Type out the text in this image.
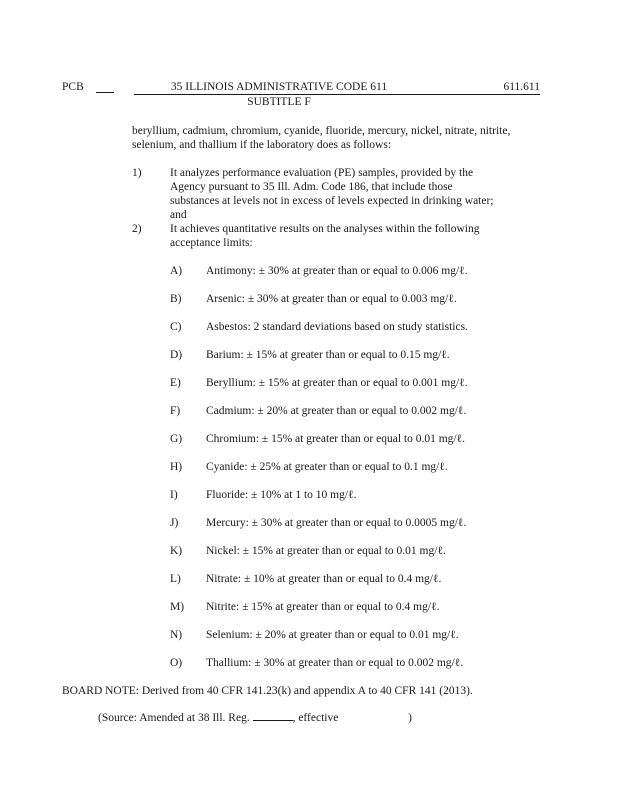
PCB	35 ILLINOIS ADMINISTRATIVE CODE 611
SUBTITLE F
611.611
beryllium, cadmium, chromium, cyanide, fluoride, mercury, nickel, nitrate, nitrite, selenium, and thallium if the laboratory does as follows:
1) It analyzes performance evaluation (PE) samples, provided by the Agency pursuant to 35 Ill. Adm. Code 186, that include those substances at levels not in excess of levels expected in drinking water; and
2) It achieves quantitative results on the analyses within the following acceptance limits:
A) Antimony: ± 30% at greater than or equal to 0.006 mg/ℓ.
B) Arsenic: ± 30% at greater than or equal to 0.003 mg/ℓ.
C) Asbestos: 2 standard deviations based on study statistics.
D) Barium: ± 15% at greater than or equal to 0.15 mg/ℓ.
E) Beryllium: ± 15% at greater than or equal to 0.001 mg/ℓ.
F) Cadmium: ± 20% at greater than or equal to 0.002 mg/ℓ.
G) Chromium: ± 15% at greater than or equal to 0.01 mg/ℓ.
H) Cyanide: ± 25% at greater than or equal to 0.1 mg/ℓ.
I) Fluoride: ± 10% at 1 to 10 mg/ℓ.
J) Mercury: ± 30% at greater than or equal to 0.0005 mg/ℓ.
K) Nickel: ± 15% at greater than or equal to 0.01 mg/ℓ.
L) Nitrate: ± 10% at greater than or equal to 0.4 mg/ℓ.
M) Nitrite: ± 15% at greater than or equal to 0.4 mg/ℓ.
N) Selenium: ± 20% at greater than or equal to 0.01 mg/ℓ.
O) Thallium: ± 30% at greater than or equal to 0.002 mg/ℓ.
BOARD NOTE: Derived from 40 CFR 141.23(k) and appendix A to 40 CFR 141 (2013).
(Source: Amended at 38 Ill. Reg.	, effective	)
